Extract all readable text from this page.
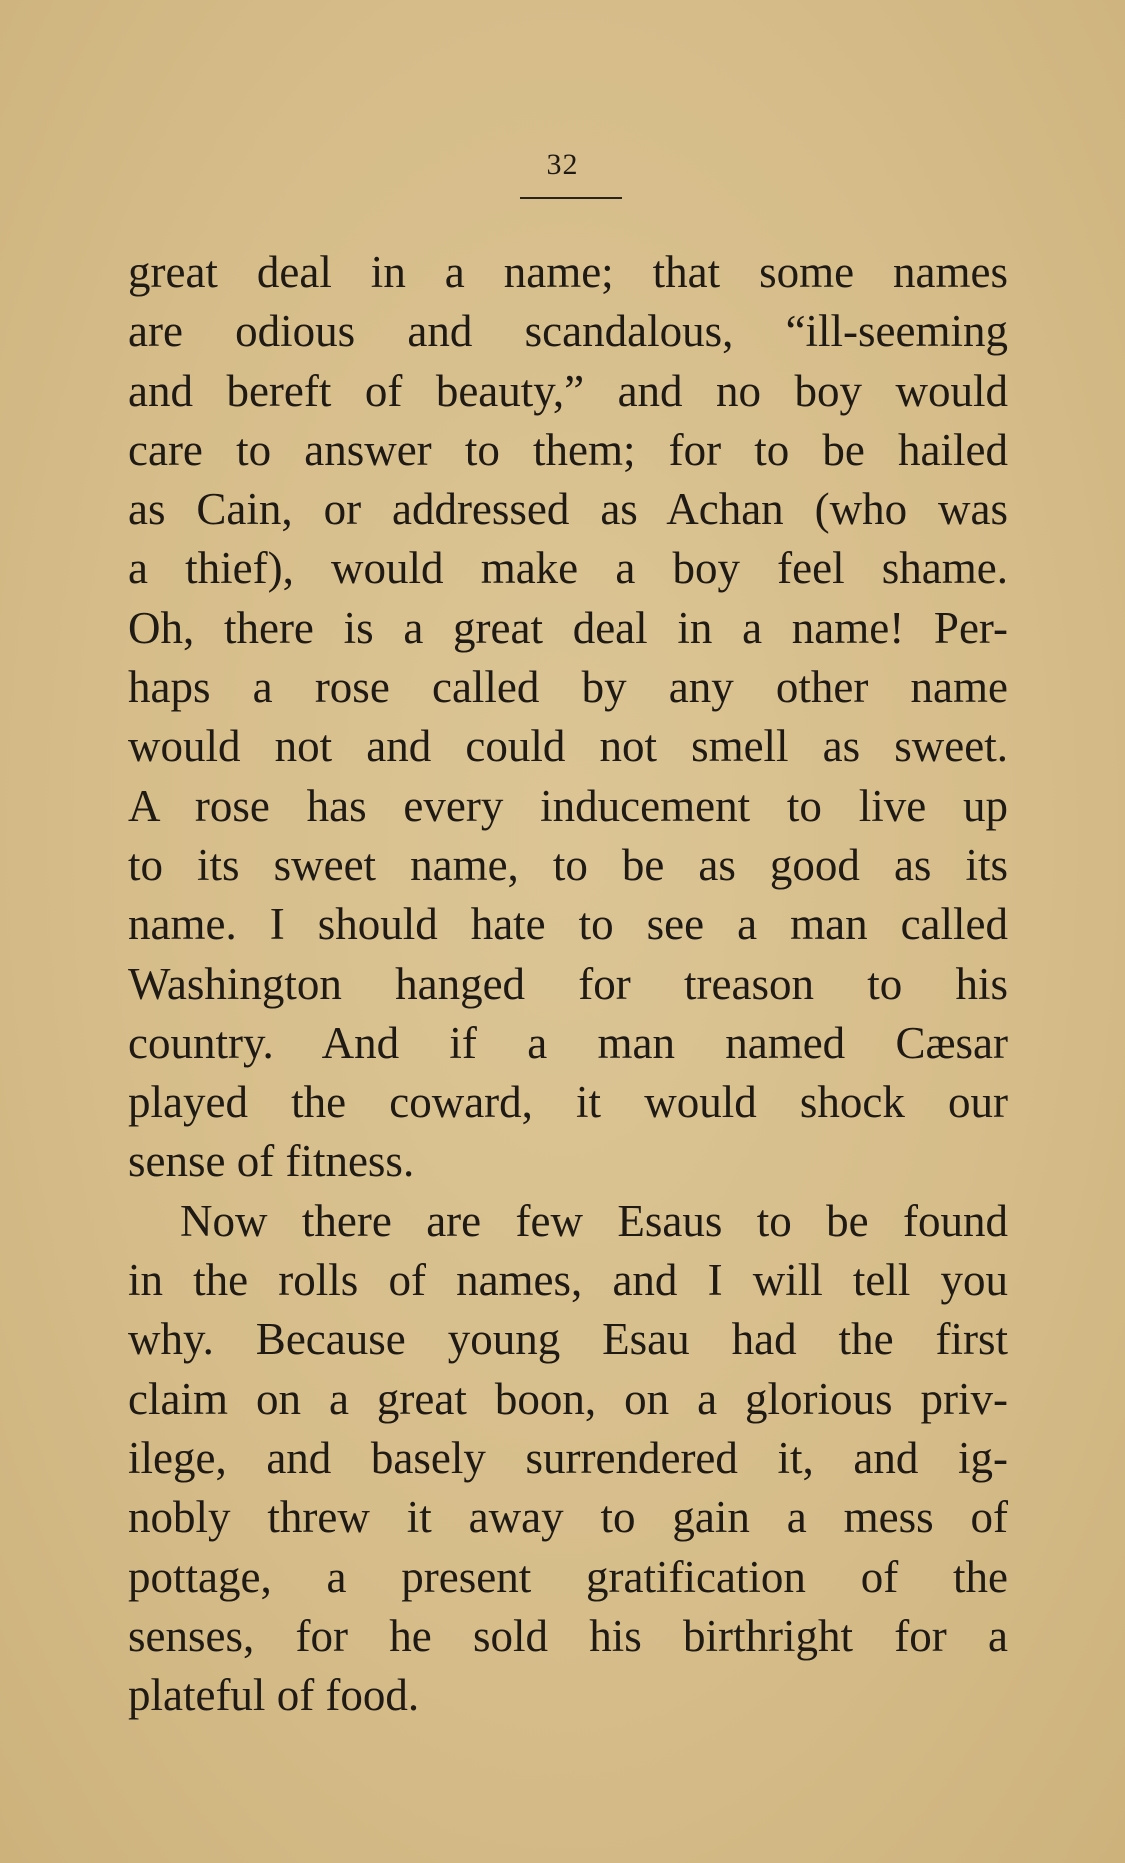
32
great deal in a name; that some names
are odious and scandalous, “ill-seeming
and bereft of beauty,” and no boy would
care to answer to them; for to be hailed
as Cain, or addressed as Achan (who was
a thief), would make a boy feel shame.
Oh, there is a great deal in a name! Per-
haps a rose called by any other name
would not and could not smell as sweet.
A rose has every inducement to live up
to its sweet name, to be as good as its
name. I should hate to see a man called
Washington hanged for treason to his
country. And if a man named Cæsar
played the coward, it would shock our
sense of fitness.
Now there are few Esaus to be found
in the rolls of names, and I will tell you
why. Because young Esau had the first
claim on a great boon, on a glorious priv-
ilege, and basely surrendered it, and ig-
nobly threw it away to gain a mess of
pottage, a present gratification of the
senses, for he sold his birthright for a
plateful of food.
